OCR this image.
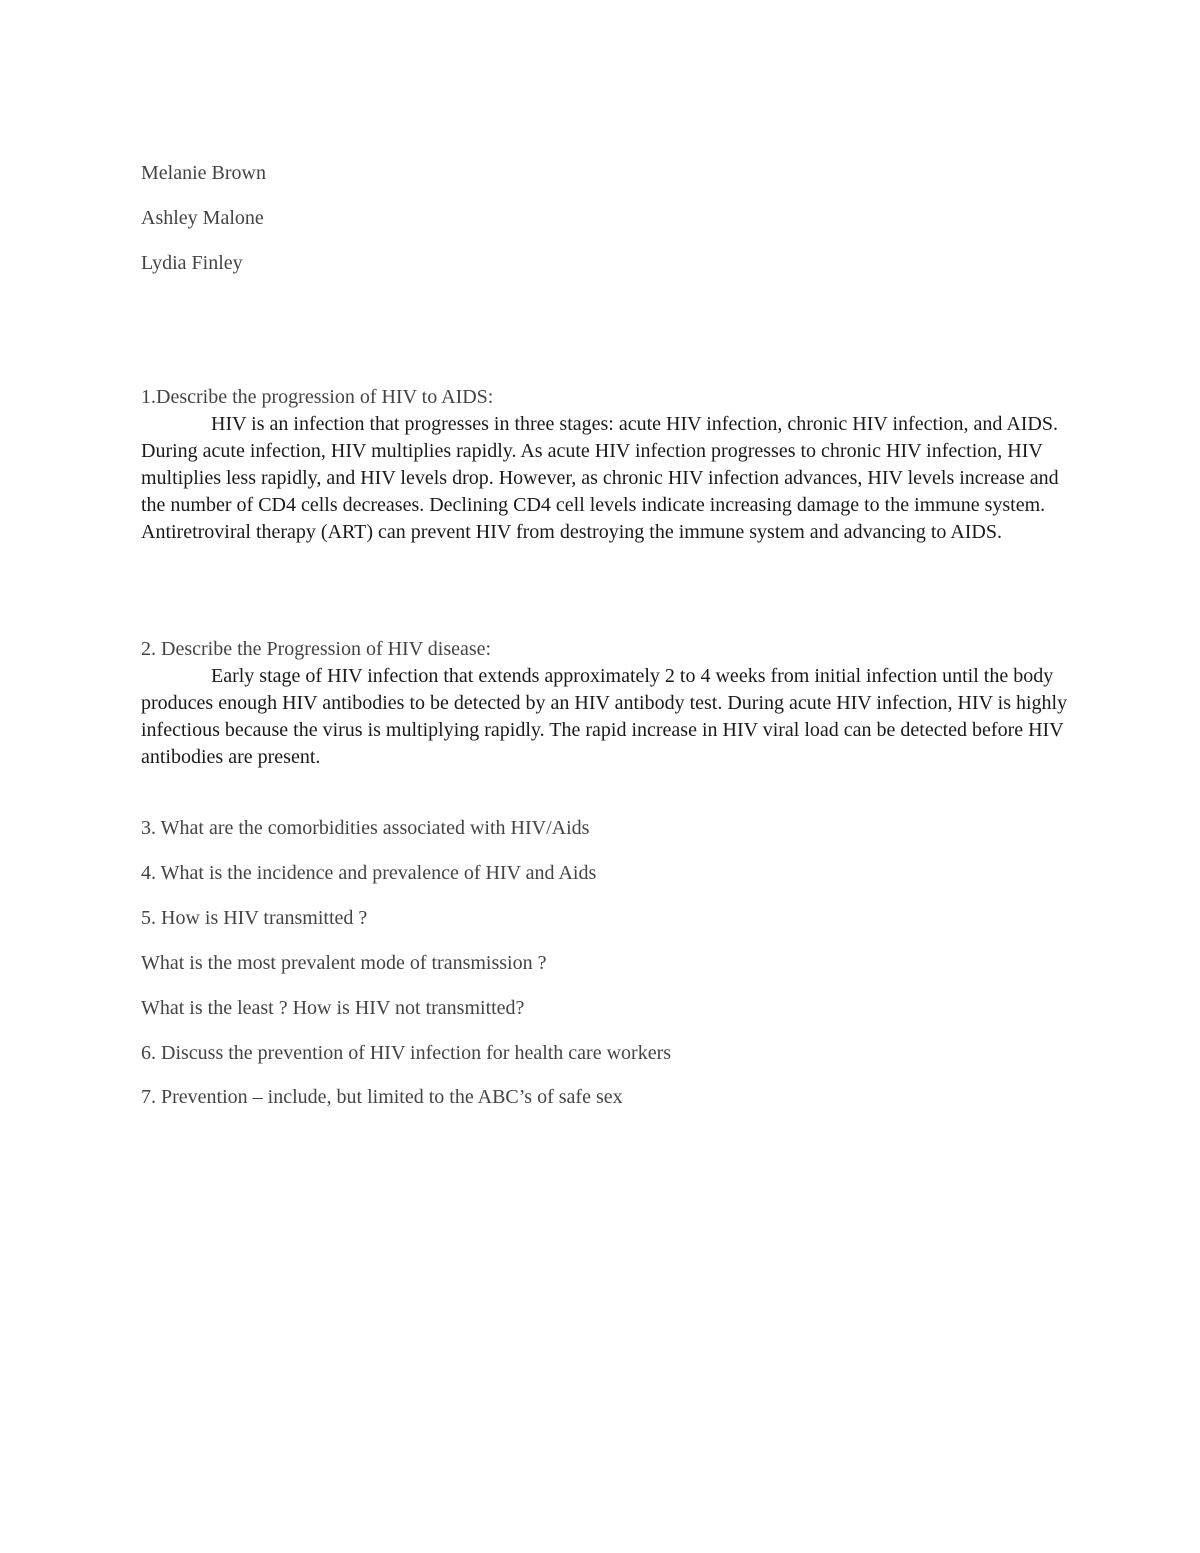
Melanie Brown

Ashley Malone

Lydia Finley

1.Describe the progression of HIV to AIDS:

HIV is an infection that progresses in three stages: acute HIV infection, chronic HIV infection, and AIDS. During acute infection, HIV multiplies rapidly. As acute HIV infection progresses to chronic HIV infection, HIV multiplies less rapidly, and HIV levels drop. However, as chronic HIV infection advances, HIV levels increase and the number of CD4 cells decreases. Declining CD4 cell levels indicate increasing damage to the immune system. Antiretroviral therapy (ART) can prevent HIV from destroying the immune system and advancing to AIDS.

2. Describe the Progression of HIV disease:

Early stage of HIV infection that extends approximately 2 to 4 weeks from initial infection until the body produces enough HIV antibodies to be detected by an HIV antibody test. During acute HIV infection, HIV is highly infectious because the virus is multiplying rapidly. The rapid increase in HIV viral load can be detected before HIV antibodies are present.

3. What are the comorbidities associated with HIV/Aids

4. What is the incidence and prevalence of HIV and Aids

5. How is HIV transmitted ?

What is the most prevalent mode of transmission ?

What is the least ? How is HIV not transmitted?

6. Discuss the prevention of HIV infection for health care workers

7. Prevention – include, but limited to the ABC’s of safe sex
